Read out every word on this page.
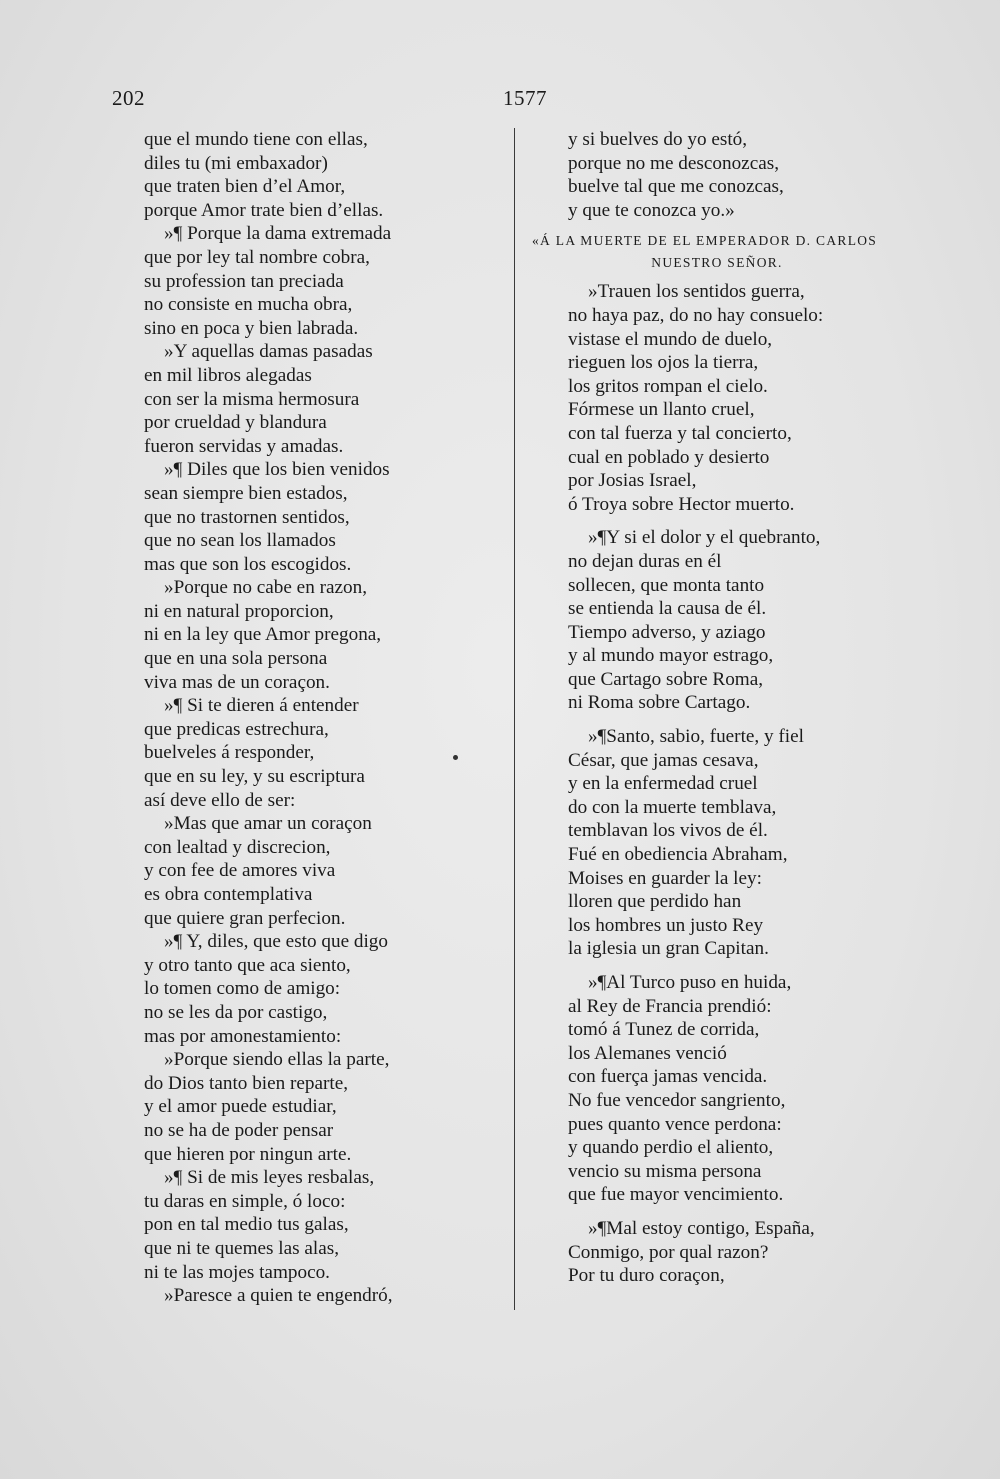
202	1577
que el mundo tiene con ellas,
diles tu (mi embaxador)
que traten bien d’el Amor,
porque Amor trate bien d’ellas.
»¶ Porque la dama extremada
que por ley tal nombre cobra,
su profession tan preciada
no consiste en mucha obra,
sino en poca y bien labrada.
»Y aquellas damas pasadas
en mil libros alegadas
con ser la misma hermosura
por crueldad y blandura
fueron servidas y amadas.
»¶ Diles que los bien venidos
sean siempre bien estados,
que no trastornen sentidos,
que no sean los llamados
mas que son los escogidos.
»Porque no cabe en razon,
ni en natural proporcion,
ni en la ley que Amor pregona,
que en una sola persona
viva mas de un coraçon.
»¶ Si te dieren á entender
que predicas estrechura,
buelveles á responder,
que en su ley, y su escriptura
así deve ello de ser:
»Mas que amar un coraçon
con lealtad y discrecion,
y con fee de amores viva
es obra contemplativa
que quiere gran perfecion.
»¶ Y, diles, que esto que digo
y otro tanto que aca siento,
lo tomen como de amigo:
no se les da por castigo,
mas por amonestamiento:
»Porque siendo ellas la parte,
do Dios tanto bien reparte,
y el amor puede estudiar,
no se ha de poder pensar
que hieren por ningun arte.
»¶ Si de mis leyes resbalas,
tu daras en simple, ó loco:
pon en tal medio tus galas,
que ni te quemes las alas,
ni te las mojes tampoco.
»Paresce a quien te engendró,
y si buelves do yo estó,
porque no me desconozcas,
buelve tal que me conozcas,
y que te conozca yo.»
«Á LA MUERTE DE EL EMPERADOR D. CARLOS
NUESTRO SEÑOR.
»Trauen los sentidos guerra,
no haya paz, do no hay consuelo:
vistase el mundo de duelo,
rieguen los ojos la tierra,
los gritos rompan el cielo.
Fórmese un llanto cruel,
con tal fuerza y tal concierto,
cual en poblado y desierto
por Josias Israel,
ó Troya sobre Hector muerto.
»¶Y si el dolor y el quebranto,
no dejan duras en él
sollecen, que monta tanto
se entienda la causa de él.
Tiempo adverso, y aziago
y al mundo mayor estrago,
que Cartago sobre Roma,
ni Roma sobre Cartago.
»¶Santo, sabio, fuerte, y fiel
César, que jamas cesava,
y en la enfermedad cruel
do con la muerte temblava,
temblavan los vivos de él.
Fué en obediencia Abraham,
Moises en guarder la ley:
lloren que perdido han
los hombres un justo Rey
la iglesia un gran Capitan.
»¶Al Turco puso en huida,
al Rey de Francia prendió:
tomó á Tunez de corrida,
los Alemanes venció
con fuerça jamas vencida.
No fue vencedor sangriento,
pues quanto vence perdona:
y quando perdio el aliento,
vencio su misma persona
que fue mayor vencimiento.
»¶Mal estoy contigo, España,
Conmigo, por qual razon?
Por tu duro coraçon,
